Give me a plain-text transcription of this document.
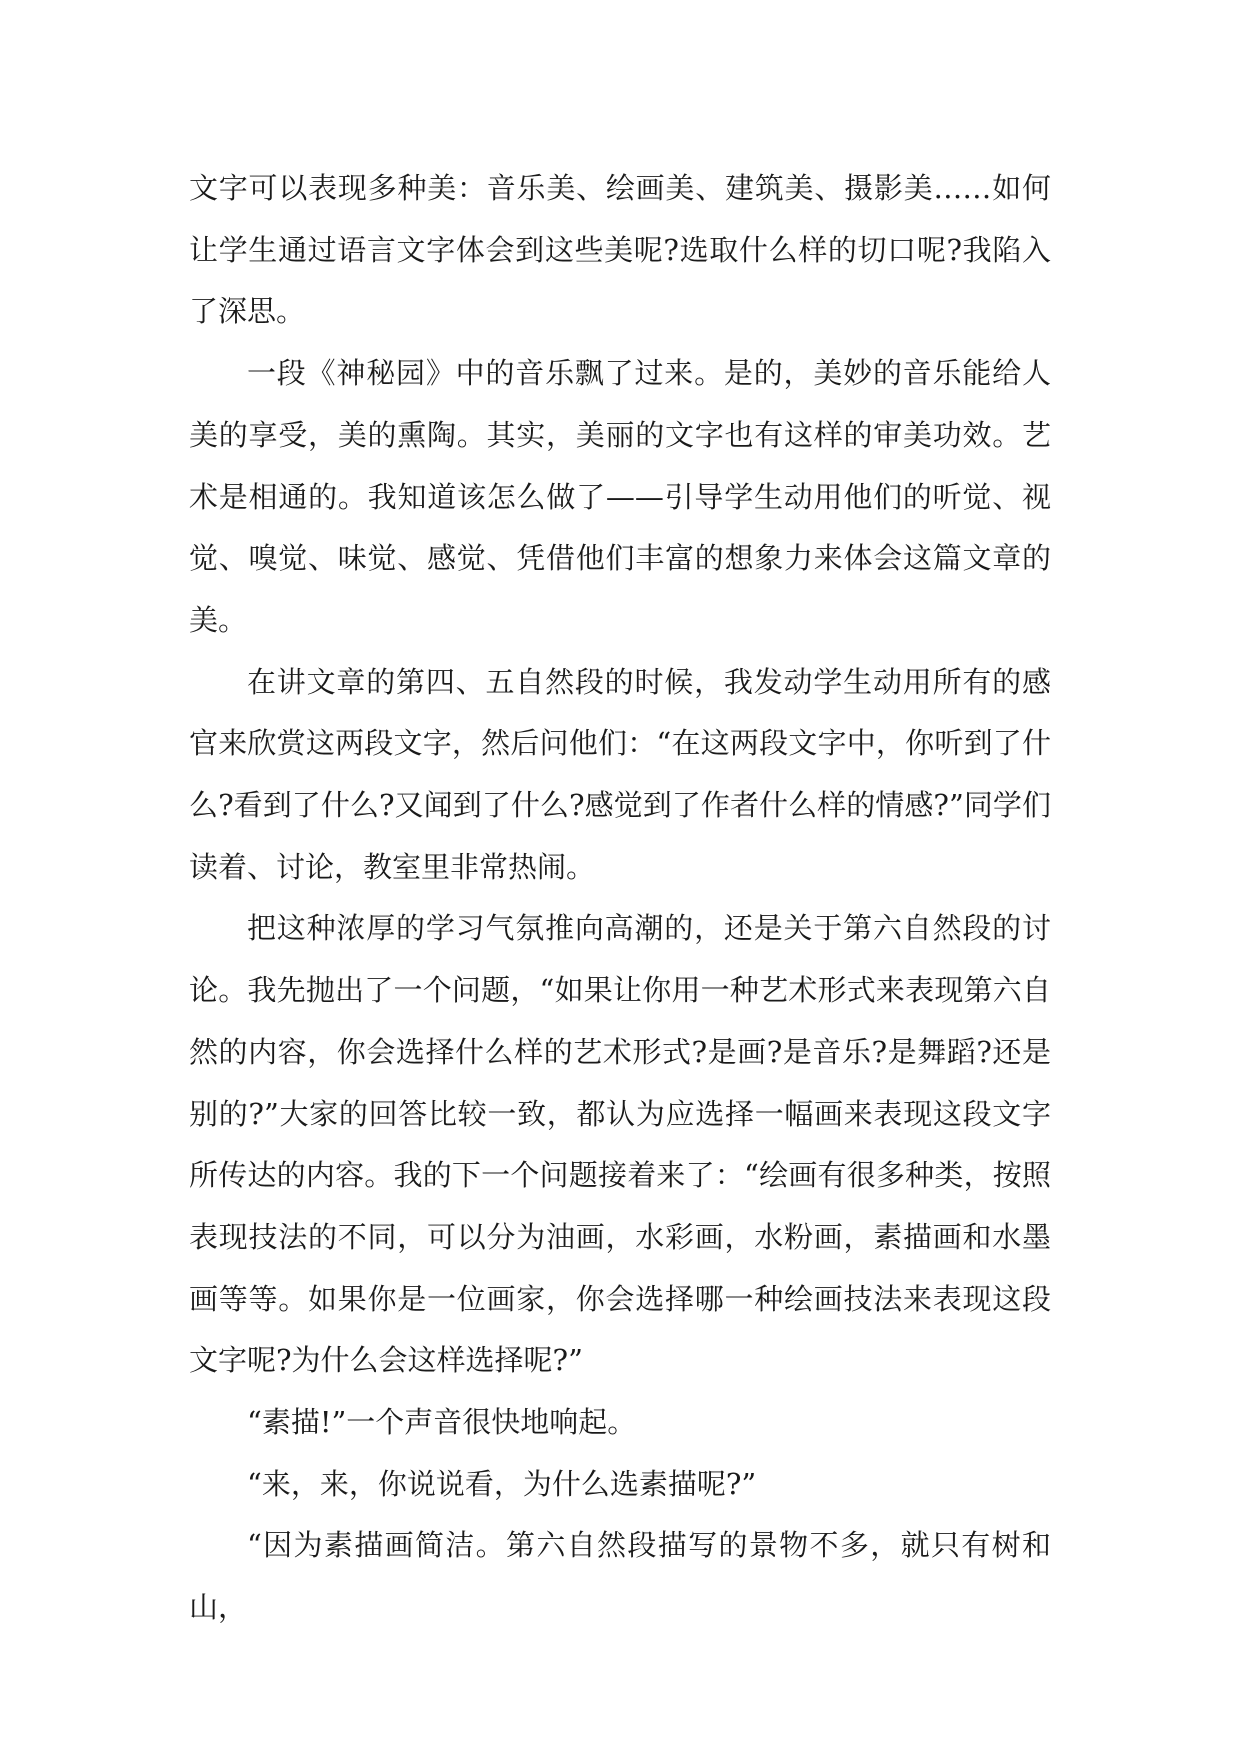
文字可以表现多种美：音乐美、绘画美、建筑美、摄影美……如何让学生通过语言文字体会到这些美呢?选取什么样的切口呢?我陷入了深思。

一段《神秘园》中的音乐飘了过来。是的，美妙的音乐能给人美的享受，美的熏陶。其实，美丽的文字也有这样的审美功效。艺术是相通的。我知道该怎么做了——引导学生动用他们的听觉、视觉、嗅觉、味觉、感觉、凭借他们丰富的想象力来体会这篇文章的美。

在讲文章的第四、五自然段的时候，我发动学生动用所有的感官来欣赏这两段文字，然后问他们：“在这两段文字中，你听到了什么?看到了什么?又闻到了什么?感觉到了作者什么样的情感?”同学们读着、讨论，教室里非常热闹。

把这种浓厚的学习气氛推向高潮的，还是关于第六自然段的讨论。我先抛出了一个问题，“如果让你用一种艺术形式来表现第六自然的内容，你会选择什么样的艺术形式?是画?是音乐?是舞蹈?还是别的?”大家的回答比较一致，都认为应选择一幅画来表现这段文字所传达的内容。我的下一个问题接着来了：“绘画有很多种类，按照表现技法的不同，可以分为油画，水彩画，水粉画，素描画和水墨画等等。如果你是一位画家，你会选择哪一种绘画技法来表现这段文字呢?为什么会这样选择呢?”

“素描!”一个声音很快地响起。

“来，来，你说说看，为什么选素描呢?”

“因为素描画简洁。第六自然段描写的景物不多，就只有树和山，
